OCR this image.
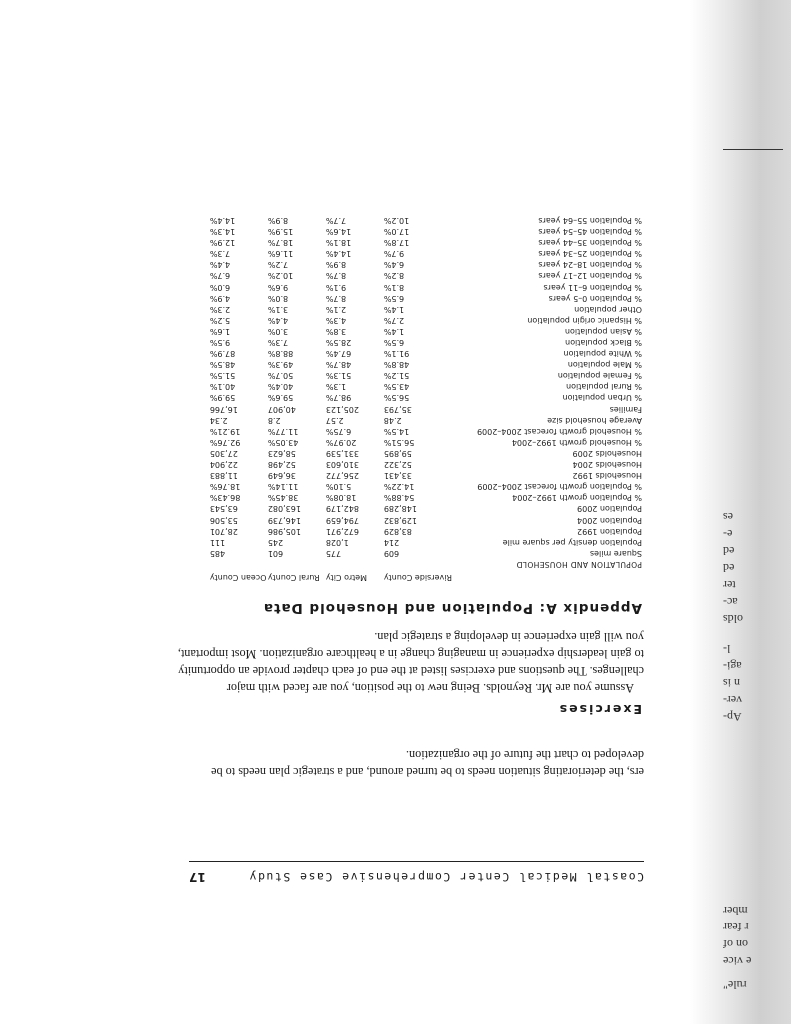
rule"
e vice
on of
r fear
mber
Ap-
ver-
n is
agi-
l-
olds
ac-
ter
ed
ed
e-
es
Coastal Medical Center Comprehensive Case Study
17

ers, the deteriorating situation needs to be turned around, and a strategic plan needs to be developed to chart the future of the organization.

Exercises

Assume you are Mr. Reynolds. Being new to the position, you are faced with major challenges. The questions and exercises listed at the end of each chapter provide an opportunity to gain leadership experience in managing change in a healthcare organization. Most important, you will gain experience in developing a strategic plan.

Appendix A: Population and Household Data
	Riverside County	Metro City	Rural County	Ocean County
POPULATION AND HOUSEHOLD				
Square miles	609	775	601	485
Population density per square mile	214	1,028	245	111
Population 1992	83,829	672,971	105,986	28,701
Population 2004	129,832	794,659	146,739	53,506
Population 2009	148,289	842,179	163,082	63,543
% Population growth 1992–2004	54.88%	18.08%	38.45%	86.43%
% Population growth forecast 2004–2009	14.22%	5.10%	11.14%	18.76%
Households 1992	33,431	256,772	36,649	11,883
Households 2004	52,322	310,603	52,498	22,904
Households 2009	59,895	331,539	58,623	27,305
% Household growth 1992–2004	56.51%	20.97%	43.05%	92.76%
% Household growth forecast 2004–2009	14.5%	6.75%	11.77%	19.21%
Average household size	2.48	2.57	2.8	2.34
Families	35,793	205,123	40,907	16,766
% Urban population	56.5%	98.7%	59.6%	59.9%
% Rural population	43.5%	1.3%	40.4%	40.1%
% Female population	51.2%	51.3%	50.7%	51.5%
% Male population	48.8%	48.7%	49.3%	48.5%
% White population	91.1%	67.4%	88.8%	87.9%
% Black population	6.5%	28.5%	7.3%	9.5%
% Asian population	1.4%	3.8%	3.0%	1.6%
% Hispanic origin population	2.7%	4.3%	4.4%	5.2%
Other population	1.4%	2.1%	3.1%	2.3%
% Population 0–5 years	6.5%	8.7%	8.0%	4.9%
% Population 6–11 years	8.1%	9.1%	9.6%	6.0%
% Population 12–17 years	8.2%	8.7%	10.2%	6.7%
% Population 18–24 years	6.4%	8.9%	7.2%	4.4%
% Population 25–34 years	9.7%	14.4%	11.6%	7.3%
% Population 35–44 years	17.8%	18.1%	18.7%	12.9%
% Population 45–54 years	17.0%	14.6%	15.9%	14.3%
% Population 55–64 years	10.2%	7.7%	8.9%	14.4%
